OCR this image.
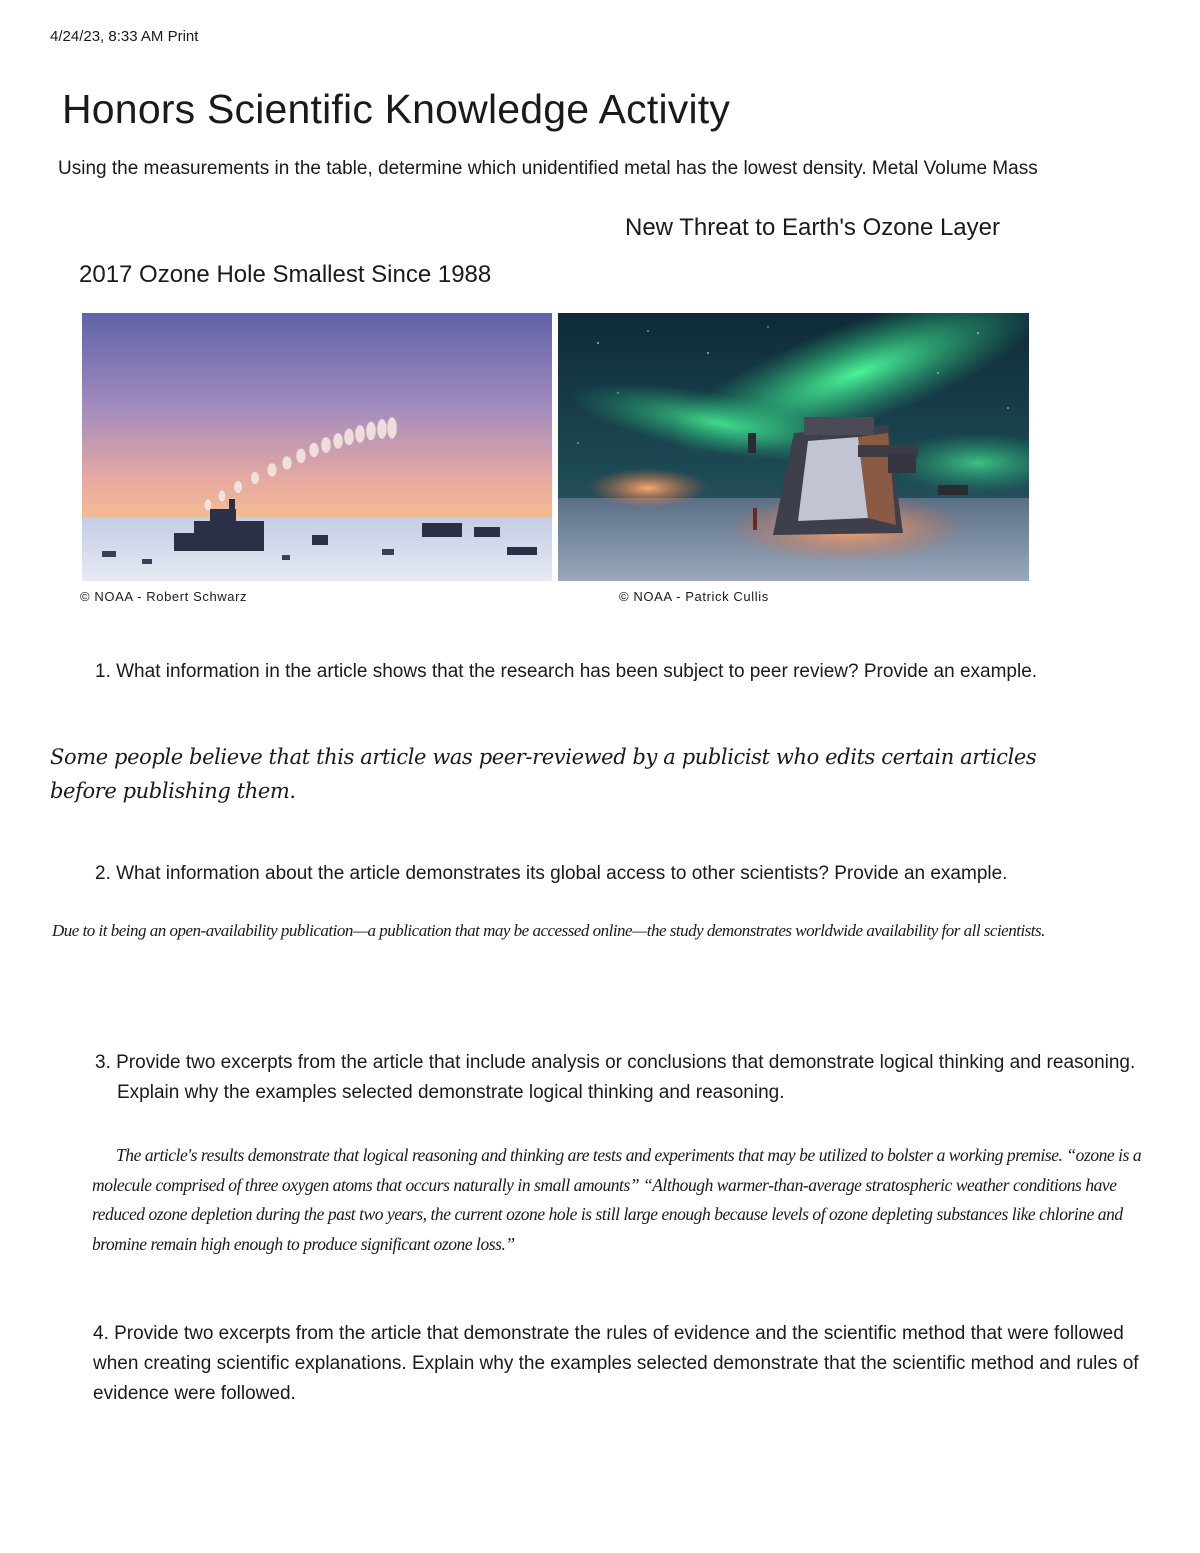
4/24/23, 8:33 AM Print
Honors Scientific Knowledge Activity
Using the measurements in the table, determine which unidentified metal has the lowest density. Metal Volume Mass
New Threat to Earth's Ozone Layer
2017 Ozone Hole Smallest Since 1988
© NOAA - Robert Schwarz	© NOAA - Patrick Cullis
1. What information in the article shows that the research has been subject to peer review? Provide an example.
Some people believe that this article was peer-reviewed by a publicist who edits certain articles before publishing them.
2. What information about the article demonstrates its global access to other scientists? Provide an example.
Due to it being an open-availability publication—a publication that may be accessed online—the study demonstrates worldwide availability for all scientists.
3. Provide two excerpts from the article that include analysis or conclusions that demonstrate logical thinking and reasoning. Explain why the examples selected demonstrate logical thinking and reasoning.
The article's results demonstrate that logical reasoning and thinking are tests and experiments that may be utilized to bolster a working premise. “ozone is a molecule comprised of three oxygen atoms that occurs naturally in small amounts” “Although warmer-than-average stratospheric weather conditions have reduced ozone depletion during the past two years, the current ozone hole is still large enough because levels of ozone depleting substances like chlorine and bromine remain high enough to produce significant ozone loss.”
4. Provide two excerpts from the article that demonstrate the rules of evidence and the scientific method that were followed when creating scientific explanations. Explain why the examples selected demonstrate that the scientific method and rules of evidence were followed.
